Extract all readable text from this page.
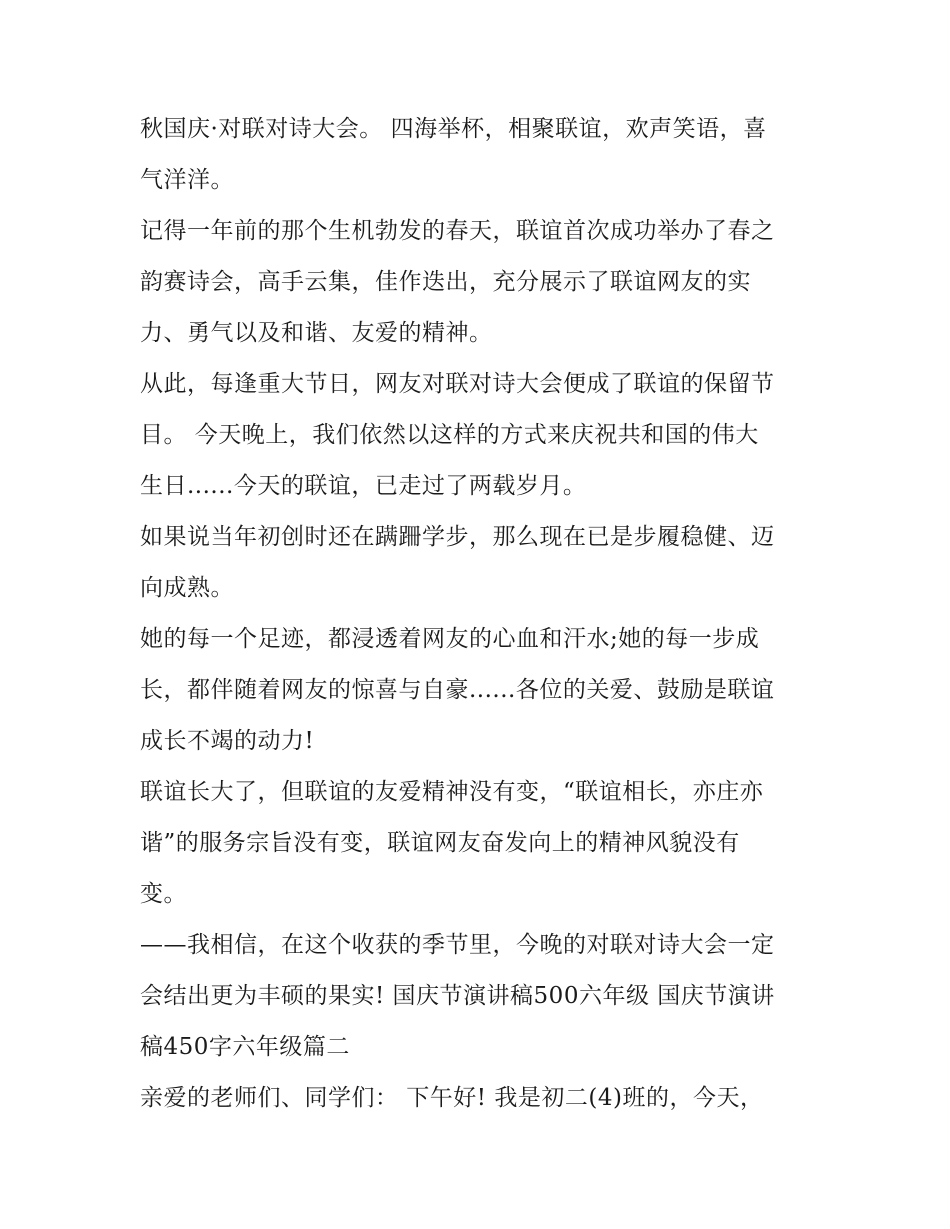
秋国庆·对联对诗大会。 四海举杯，相聚联谊，欢声笑语，喜
气洋洋。
记得一年前的那个生机勃发的春天，联谊首次成功举办了春之
韵赛诗会，高手云集，佳作迭出，充分展示了联谊网友的实
力、勇气以及和谐、友爱的精神。
从此，每逢重大节日，网友对联对诗大会便成了联谊的保留节
目。 今天晚上，我们依然以这样的方式来庆祝共和国的伟大
生日......今天的联谊，已走过了两载岁月。
如果说当年初创时还在蹒跚学步，那么现在已是步履稳健、迈
向成熟。
她的每一个足迹，都浸透着网友的心血和汗水;她的每一步成
长，都伴随着网友的惊喜与自豪......各位的关爱、鼓励是联谊
成长不竭的动力!
联谊长大了，但联谊的友爱精神没有变，“联谊相长，亦庄亦
谐”的服务宗旨没有变，联谊网友奋发向上的精神风貌没有
变。
——我相信，在这个收获的季节里，今晚的对联对诗大会一定
会结出更为丰硕的果实! 国庆节演讲稿500六年级 国庆节演讲
稿450字六年级篇二
亲爱的老师们、同学们： 下午好! 我是初二(4)班的，今天，
